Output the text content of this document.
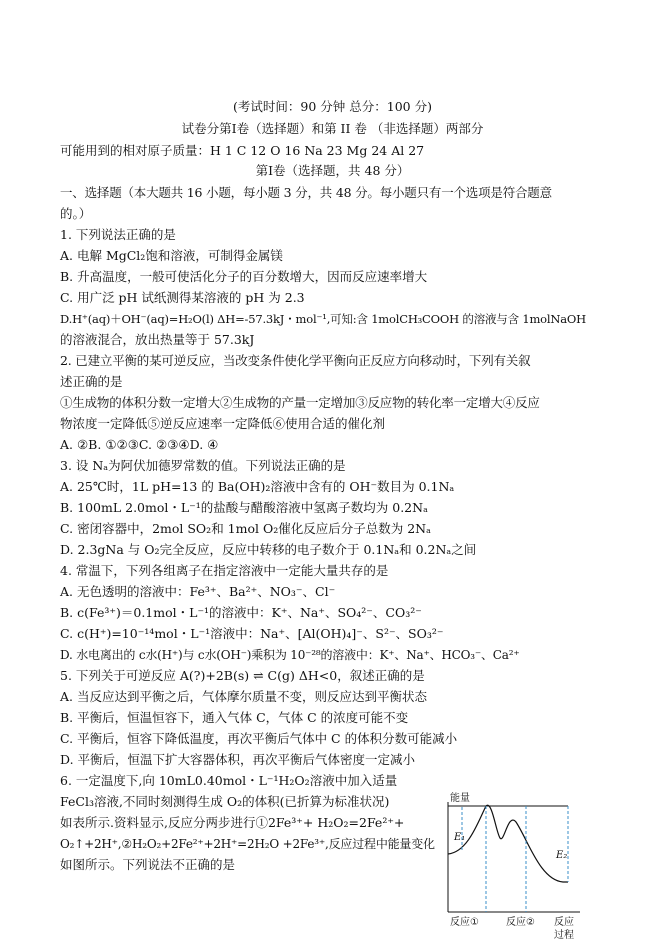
(考试时间：90 分钟 总分：100 分)
试卷分第Ⅰ卷（选择题）和第 II 卷 （非选择题）两部分
可能用到的相对原子质量：H 1 C 12 O 16 Na 23 Mg 24 Al 27
第Ⅰ卷（选择题，共 48 分）
一、选择题（本大题共 16 小题，每小题 3 分，共 48 分。每小题只有一个选项是符合题意
的。）
1. 下列说法正确的是
A. 电解 MgCl₂饱和溶液，可制得金属镁
B. 升高温度，一般可使活化分子的百分数增大，因而反应速率增大
C. 用广泛 pH 试纸测得某溶液的 pH 为 2.3
D.H⁺(aq)＋OH⁻(aq)=H₂O(l) ΔH=-57.3kJ・mol⁻¹,可知:含 1molCH₃COOH 的溶液与含 1molNaOH
的溶液混合，放出热量等于 57.3kJ
2. 已建立平衡的某可逆反应，当改变条件使化学平衡向正反应方向移动时，下列有关叙
述正确的是
①生成物的体积分数一定增大②生成物的产量一定增加③反应物的转化率一定增大④反应
物浓度一定降低⑤逆反应速率一定降低⑥使用合适的催化剂
A. ②B. ①②③C. ②③④D. ④
3. 设 Nₐ为阿伏加德罗常数的值。下列说法正确的是
A. 25℃时，1L pH=13 的 Ba(OH)₂溶液中含有的 OH⁻数目为 0.1Nₐ
B. 100mL 2.0mol・L⁻¹的盐酸与醋酸溶液中氢离子数均为 0.2Nₐ
C. 密闭容器中，2mol SO₂和 1mol O₂催化反应后分子总数为 2Nₐ
D. 2.3gNa 与 O₂完全反应，反应中转移的电子数介于 0.1Nₐ和 0.2Nₐ之间
4. 常温下，下列各组离子在指定溶液中一定能大量共存的是
A. 无色透明的溶液中：Fe³⁺、Ba²⁺、NO₃⁻、Cl⁻
B. c(Fe³⁺)＝0.1mol・L⁻¹的溶液中：K⁺、Na⁺、SO₄²⁻、CO₃²⁻
C. c(H⁺)=10⁻¹⁴mol・L⁻¹溶液中：Na⁺、[Al(OH)₄]⁻、S²⁻、SO₃²⁻
D. 水电离出的 c水(H⁺)与 c水(OH⁻)乘积为 10⁻²⁸的溶液中：K⁺、Na⁺、HCO₃⁻、Ca²⁺
5. 下列关于可逆反应 A(?)+2B(s) ⇌ C(g) ΔH<0，叙述正确的是
A. 当反应达到平衡之后，气体摩尔质量不变，则反应达到平衡状态
B. 平衡后，恒温恒容下，通入气体 C，气体 C 的浓度可能不变
C. 平衡后，恒容下降低温度，再次平衡后气体中 C 的体积分数可能减小
D. 平衡后，恒温下扩大容器体积，再次平衡后气体密度一定减小
6. 一定温度下,向 10mL0.40mol・L⁻¹H₂O₂溶液中加入适量
FeCl₃溶液,不同时刻测得生成 O₂的体积(已折算为标准状况)
如表所示.资料显示,反应分两步进行①2Fe³⁺+ H₂O₂=2Fe²⁺+
O₂↑+2H⁺,②H₂O₂+2Fe²⁺+2H⁺=2H₂O +2Fe³⁺,反应过程中能量变化
如图所示。下列说法不正确的是
能量
E₁
E₂
反应①	反应② 反应
过程
